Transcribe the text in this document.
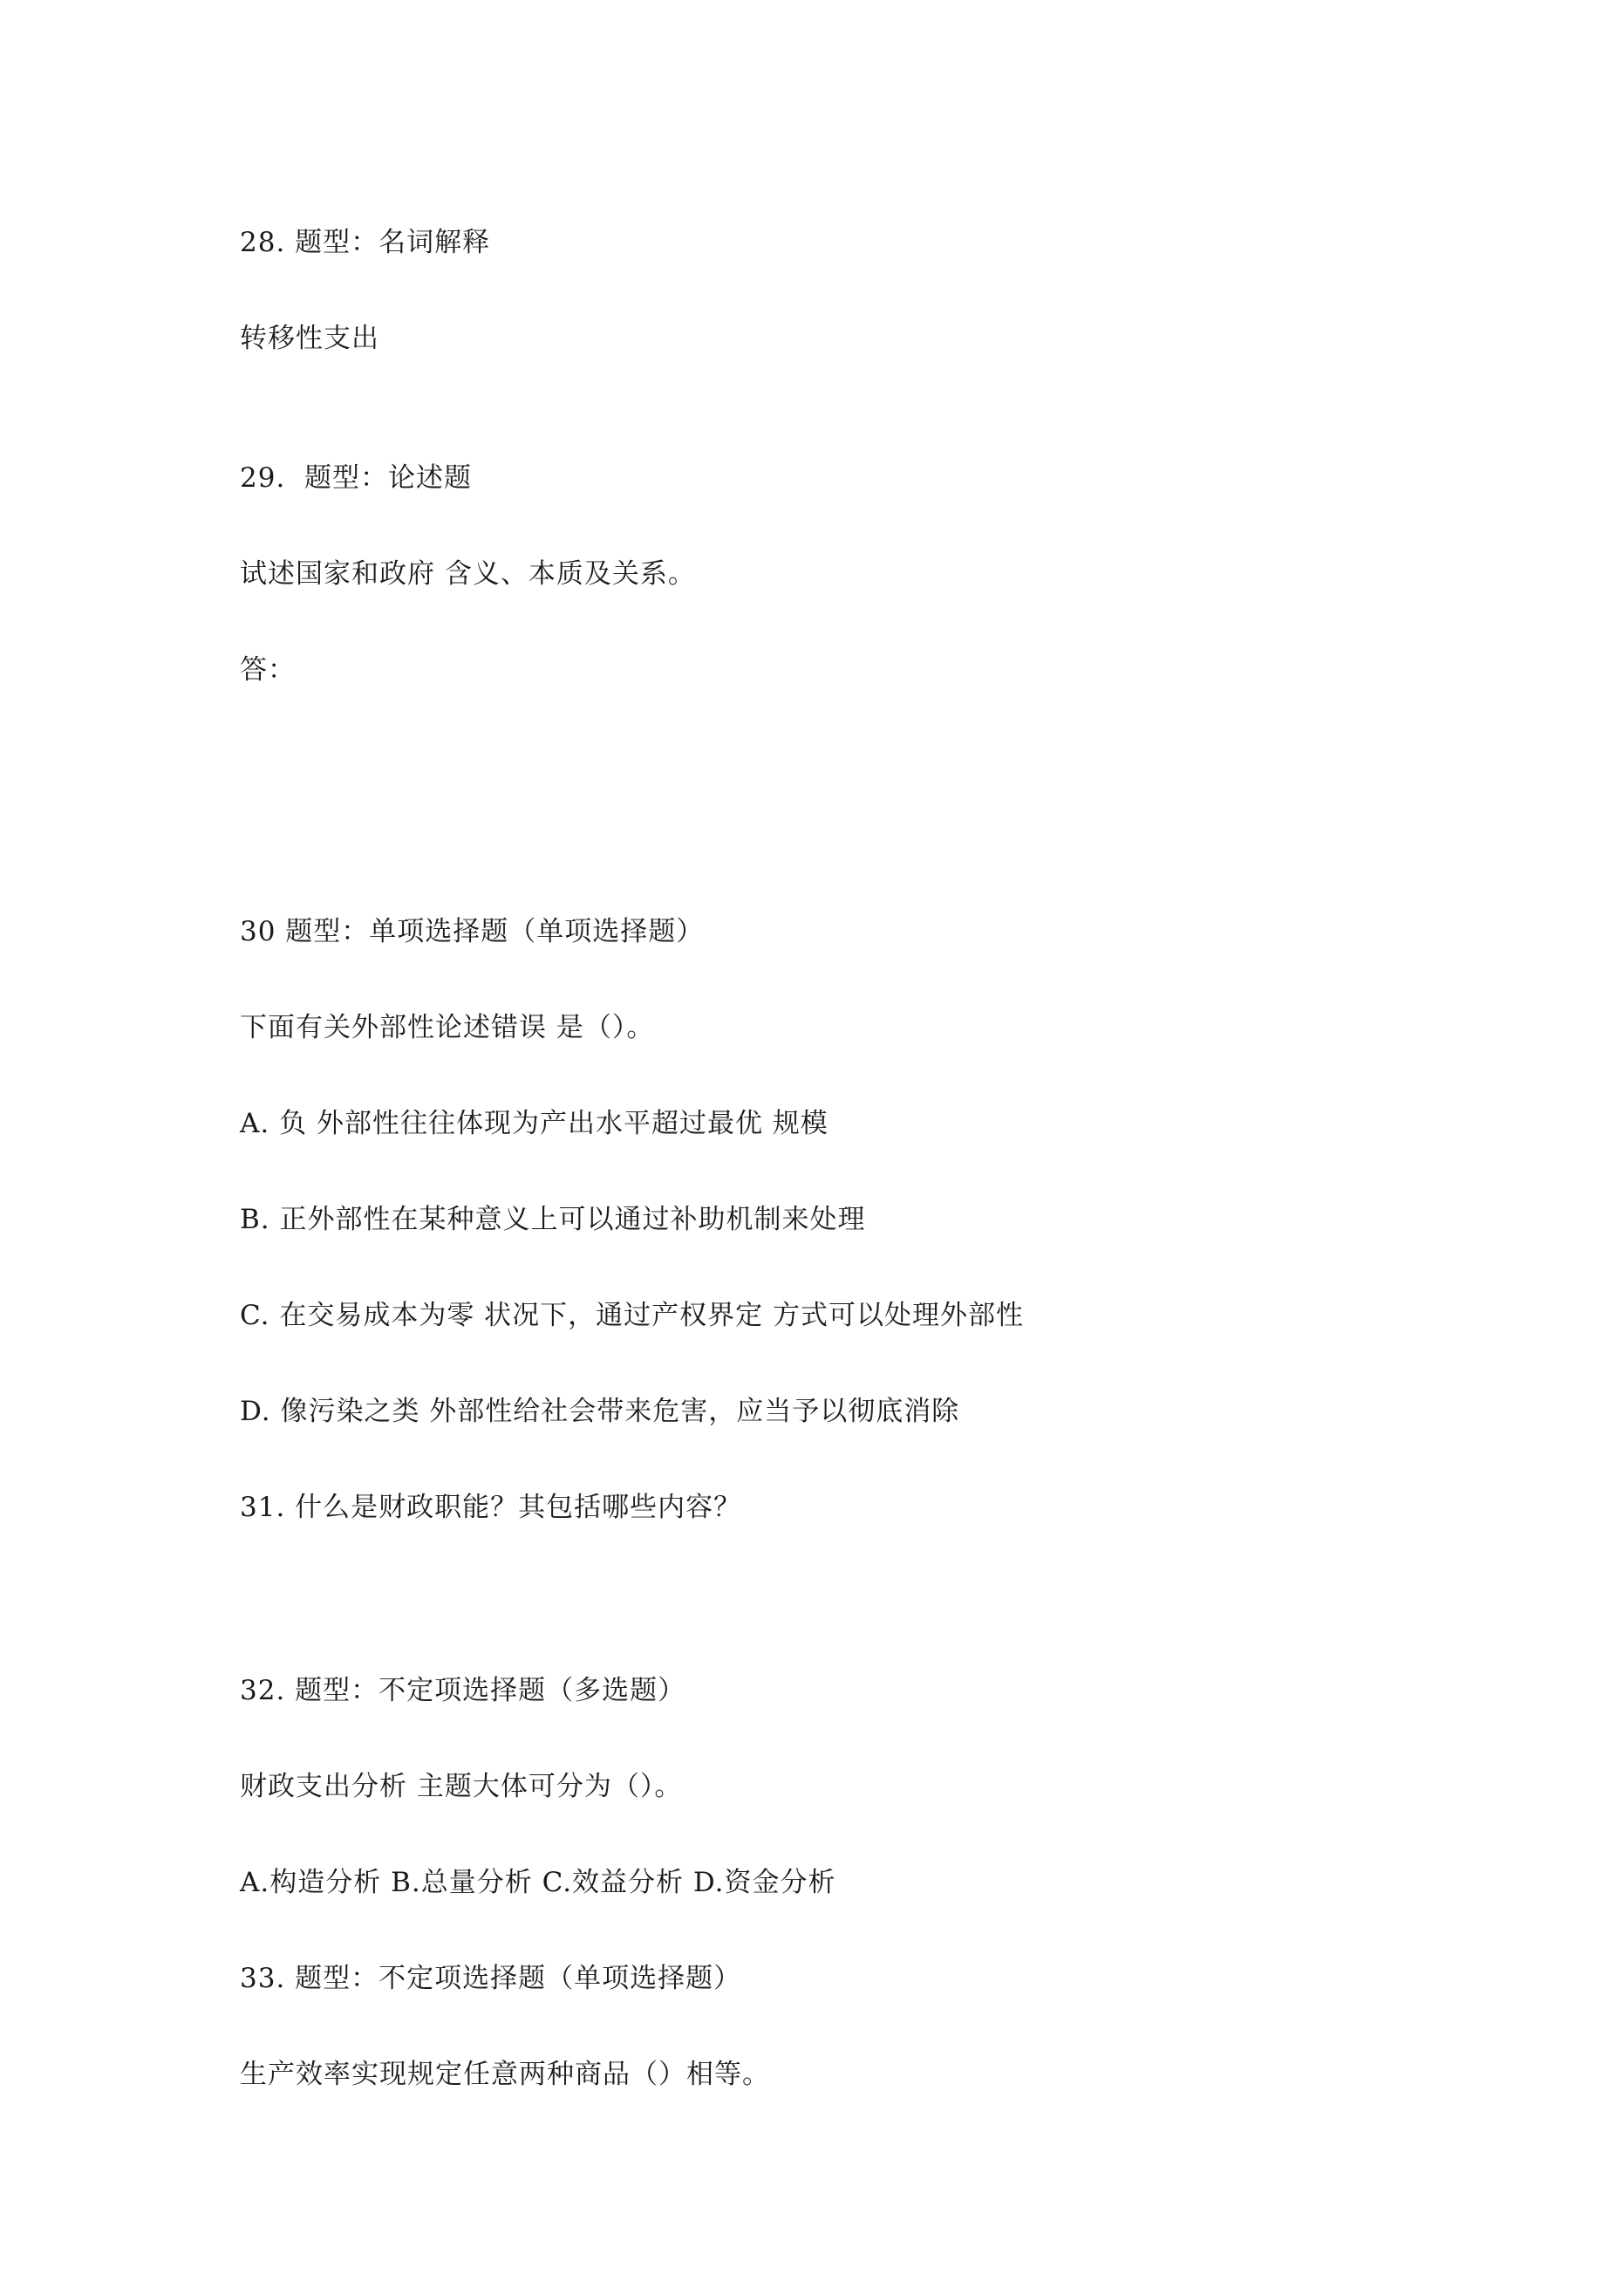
28. 题型：名词解释
转移性支出
29.  题型：论述题
试述国家和政府 含义、本质及关系。
答：
30 题型：单项选择题（单项选择题）
下面有关外部性论述错误 是（）。
A. 负 外部性往往体现为产出水平超过最优 规模
B. 正外部性在某种意义上可以通过补助机制来处理
C. 在交易成本为零 状况下，通过产权界定 方式可以处理外部性
D. 像污染之类 外部性给社会带来危害，应当予以彻底消除
31. 什么是财政职能？其包括哪些内容？
32. 题型：不定项选择题（多选题）
财政支出分析 主题大体可分为（）。
A.构造分析 B.总量分析 C.效益分析 D.资金分析
33. 题型：不定项选择题（单项选择题）
生产效率实现规定任意两种商品（）相等。
